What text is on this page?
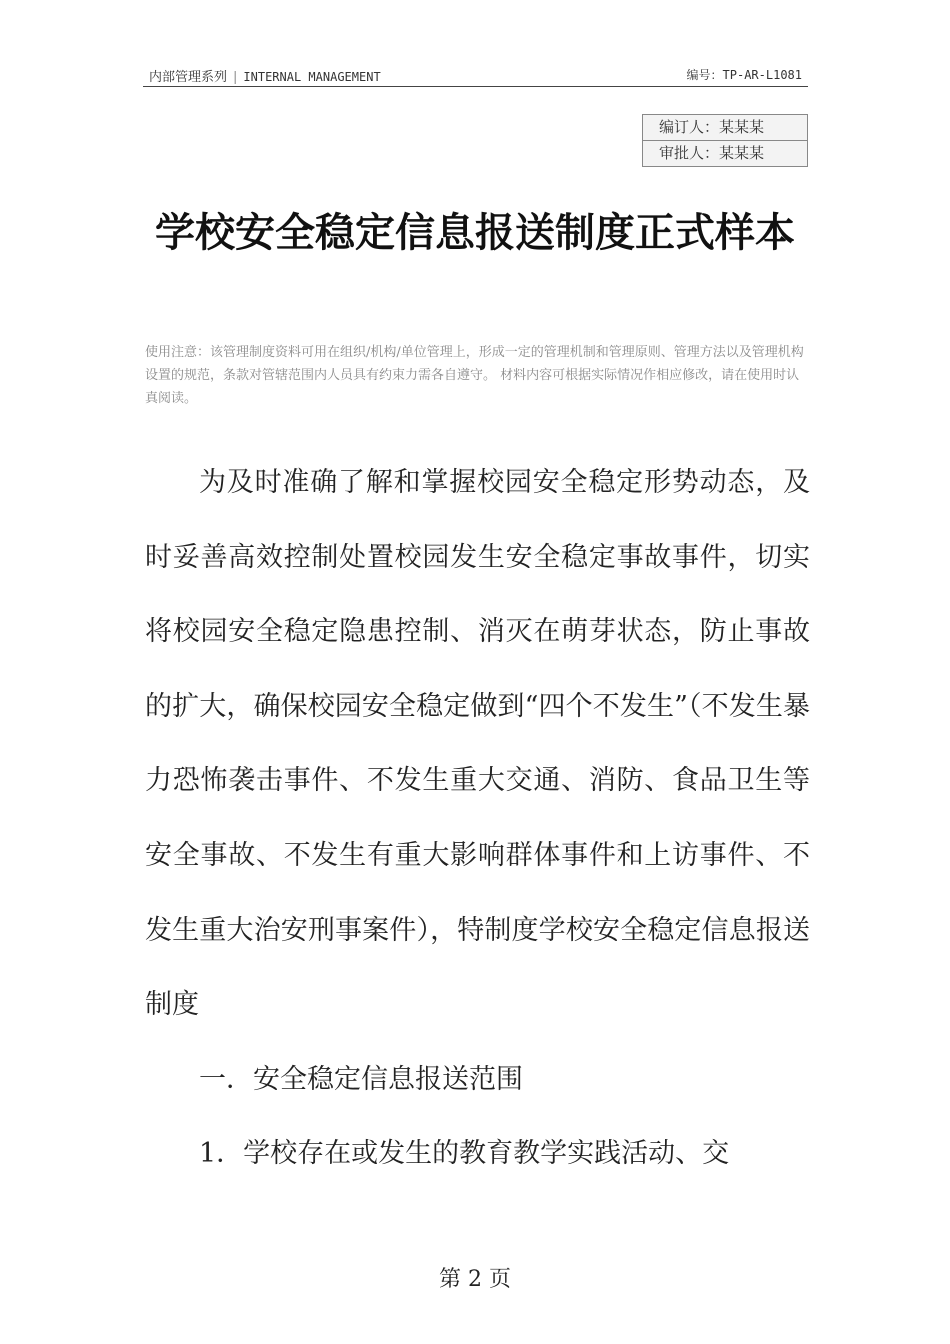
内部管理系列 | INTERNAL MANAGEMENT	编号：TP-AR-L1081
编订人：某某某
审批人：某某某
学校安全稳定信息报送制度正式样本
使用注意：该管理制度资料可用在组织/机构/单位管理上，形成一定的管理机制和管理原则、管理方法以及管理机构设置的规范，条款对管辖范围内人员具有约束力需各自遵守。 材料内容可根据实际情况作相应修改，请在使用时认真阅读。

为及时准确了解和掌握校园安全稳定形势动态，及时妥善高效控制处置校园发生安全稳定事故事件，切实将校园安全稳定隐患控制、消灭在萌芽状态，防止事故的扩大，确保校园安全稳定做到“四个不发生”（不发生暴力恐怖袭击事件、不发生重大交通、消防、食品卫生等安全事故、不发生有重大影响群体事件和上访事件、不发生重大治安刑事案件），特制度学校安全稳定信息报送制度

一．安全稳定信息报送范围

1．学校存在或发生的教育教学实践活动、交

第 2 页
